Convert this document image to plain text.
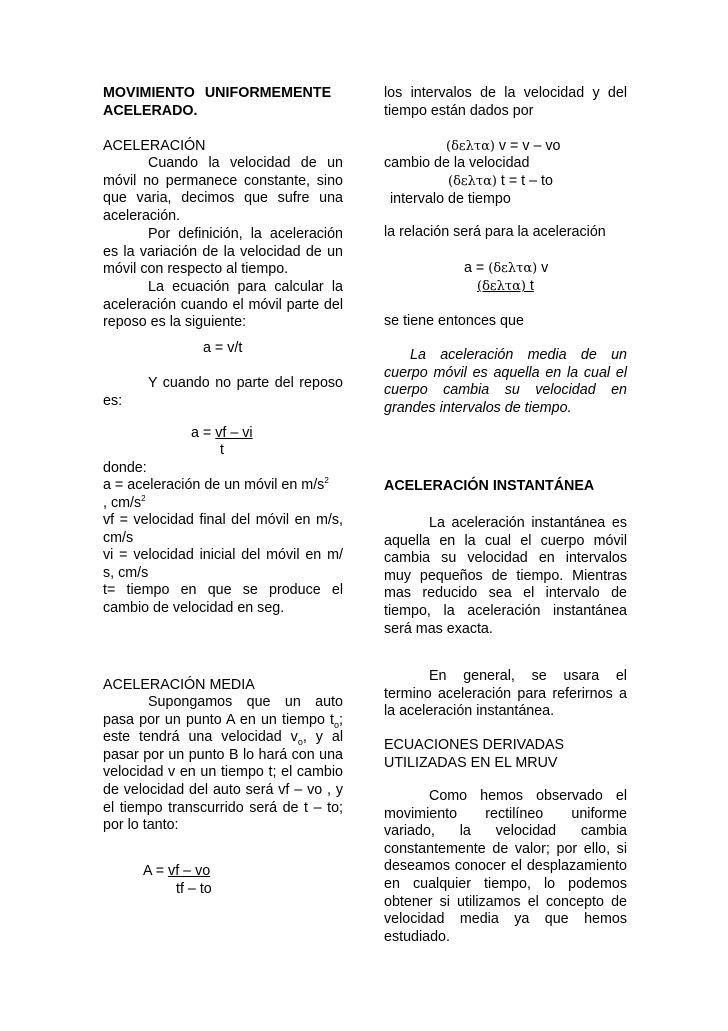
MOVIMIENTO UNIFORMEMENTE
ACELERADO.
ACELERACIÓN

Cuando la velocidad de un móvil no permanece constante, sino que varia, decimos que sufre una aceleración.

Por definición, la aceleración es la variación de la velocidad de un móvil con respecto al tiempo.

La ecuación para calcular la aceleración cuando el móvil parte del reposo es la siguiente:

a = v/t

Y cuando no parte del reposo es:

a = vf – vi
t
donde:
a = aceleración de un móvil en $m/s^2$
, $cm/s^2$
vf = velocidad final del móvil en m/s, cm/s
vi = velocidad inicial del móvil en m/ s, cm/s
t= tiempo en que se produce el cambio de velocidad en seg.
ACELERACIÓN MEDIA

Supongamos que un auto pasa por un punto A en un tiempo $t_o$; este tendrá una velocidad $v_o$, y al pasar por un punto B lo hará con una velocidad v en un tiempo t; el cambio de velocidad del auto será vf – vo , y el tiempo transcurrido será de t – to; por lo tanto:

A = vf – vo
tf – to

los intervalos de la velocidad y del tiempo están dados por

(δελτα) v = v – vo
cambio de la velocidad
(δελτα) t = t – to
intervalo de tiempo
la relación será para la aceleración
a = (δελτα) v
(δελτα) t
se tiene entonces que

La aceleración media de un cuerpo móvil es aquella en la cual el cuerpo cambia su velocidad en grandes intervalos de tiempo.

ACELERACIÓN INSTANTÁNEA

La aceleración instantánea es aquella en la cual el cuerpo móvil cambia su velocidad en intervalos muy pequeños de tiempo. Mientras mas reducido sea el intervalo de tiempo, la aceleración instantánea será mas exacta.

En general, se usara el termino aceleración para referirnos a la aceleración instantánea.

ECUACIONES DERIVADAS UTILIZADAS EN EL MRUV

Como hemos observado el movimiento rectilíneo uniforme variado, la velocidad cambia constantemente de valor; por ello, si deseamos conocer el desplazamiento en cualquier tiempo, lo podemos obtener si utilizamos el concepto de velocidad media ya que hemos estudiado.
